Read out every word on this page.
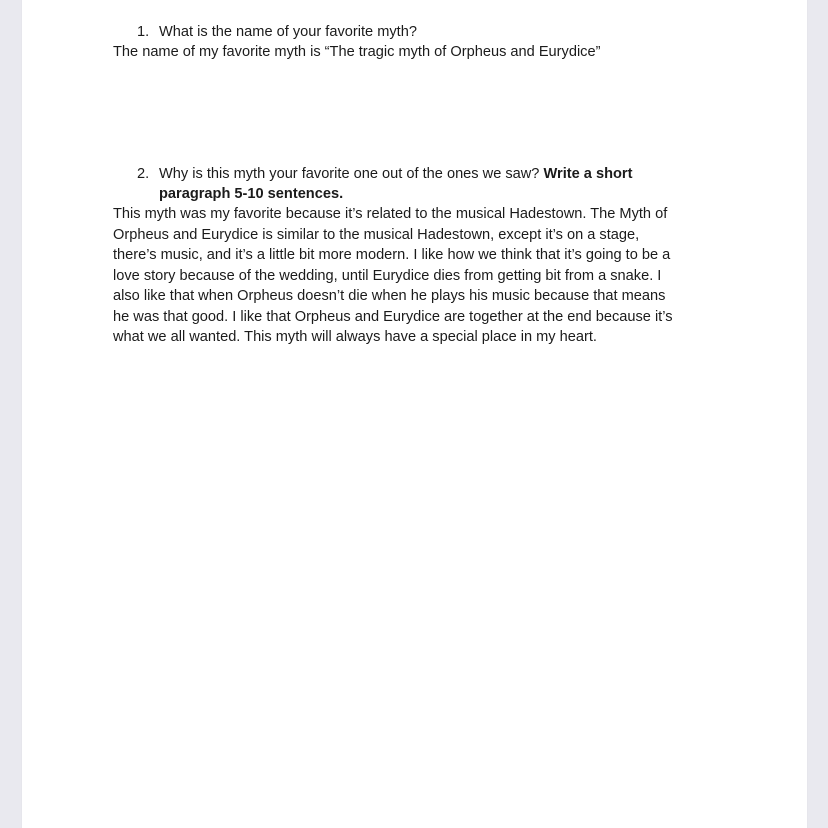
1. What is the name of your favorite myth?
The name of my favorite myth is “The tragic myth of Orpheus and Eurydice”
2. Why is this myth your favorite one out of the ones we saw? Write a short
paragraph 5-10 sentences.
This myth was my favorite because it’s related to the musical Hadestown. The Myth of
Orpheus and Eurydice is similar to the musical Hadestown, except it’s on a stage,
there’s music, and it’s a little bit more modern. I like how we think that it’s going to be a
love story because of the wedding, until Eurydice dies from getting bit from a snake. I
also like that when Orpheus doesn’t die when he plays his music because that means
he was that good. I like that Orpheus and Eurydice are together at the end because it’s
what we all wanted. This myth will always have a special place in my heart.
